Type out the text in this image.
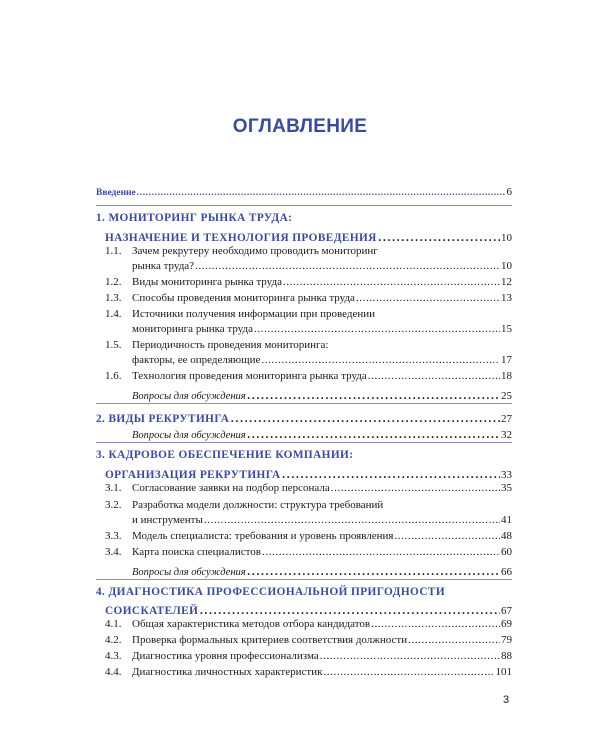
ОГЛАВЛЕНИЕ
Введение .....	6
1. МОНИТОРИНГ РЫНКА ТРУДА:
НАЗНАЧЕНИЕ И ТЕХНОЛОГИЯ ПРОВЕДЕНИЯ .....	10
1.1. Зачем рекрутеру необходимо проводить мониторинг
рынка труда? .....	10
1.2. Виды мониторинга рынка труда .....	12
1.3. Способы проведения мониторинга рынка труда .....	13
1.4. Источники получения информации при проведении
мониторинга рынка труда .....	15
1.5. Периодичность проведения мониторинга:
факторы, ее определяющие .....	17
1.6. Технология проведения мониторинга рынка труда .....	18
Вопросы для обсуждения .....	25
2. ВИДЫ РЕКРУТИНГА .....	27
Вопросы для обсуждения .....	32
3. КАДРОВОЕ ОБЕСПЕЧЕНИЕ КОМПАНИИ:
ОРГАНИЗАЦИЯ РЕКРУТИНГА .....	33
3.1. Согласование заявки на подбор персонала .....	35
3.2. Разработка модели должности: структура требований
и инструменты .....	41
3.3. Модель специалиста: требования и уровень проявления .....	48
3.4. Карта поиска специалистов .....	60
Вопросы для обсуждения .....	66
4. ДИАГНОСТИКА ПРОФЕССИОНАЛЬНОЙ ПРИГОДНОСТИ
СОИСКАТЕЛЕЙ .....	67
4.1. Общая характеристика методов отбора кандидатов .....	69
4.2. Проверка формальных критериев соответствия должности .....	79
4.3. Диагностика уровня профессионализма .....	88
4.4. Диагностика личностных характеристик .....	101
3
